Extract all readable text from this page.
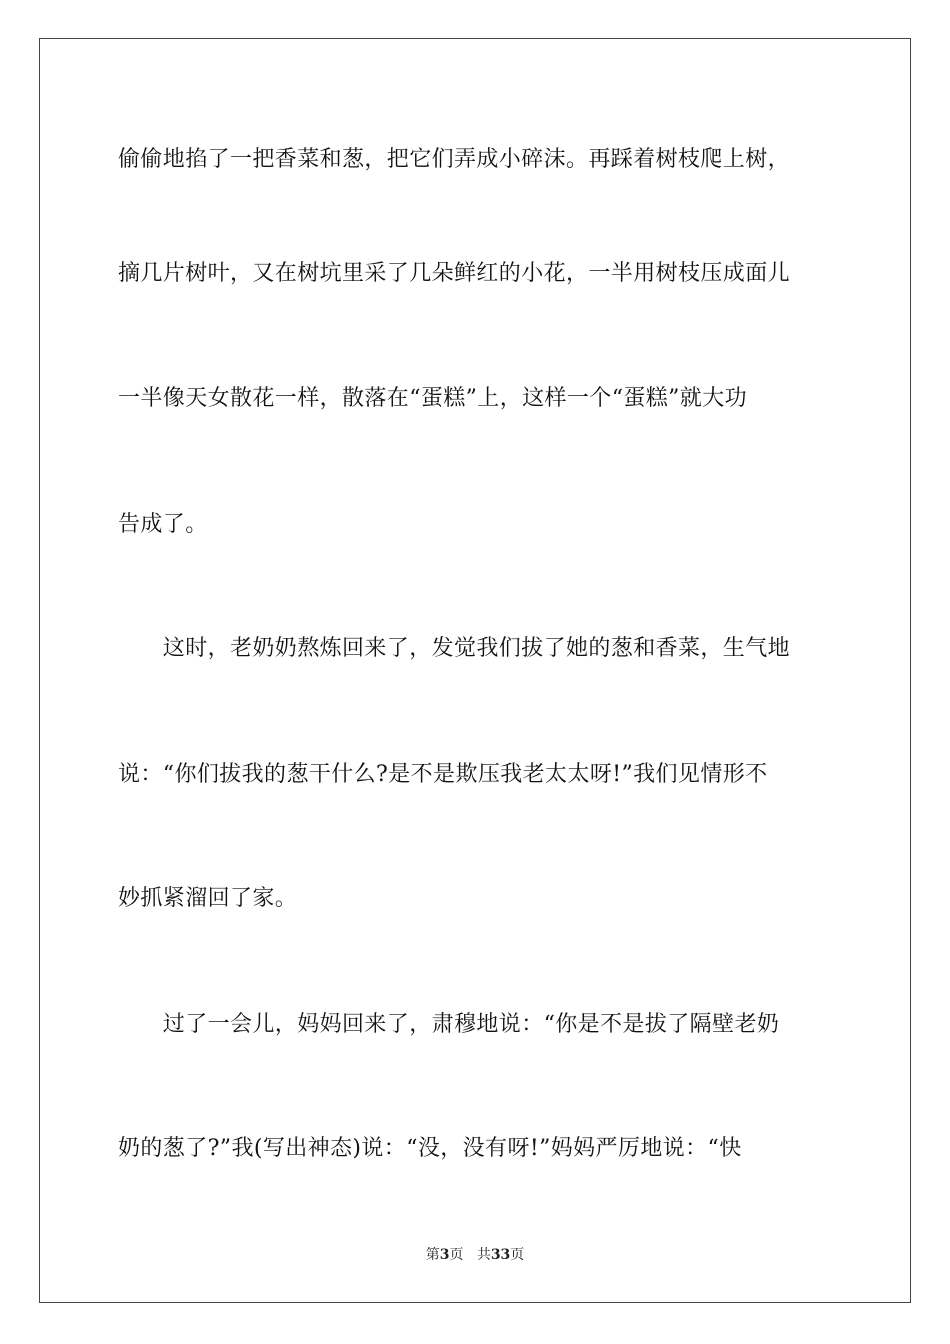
偷偷地掐了一把香菜和葱，把它们弄成小碎沫。再踩着树枝爬上树，
摘几片树叶，又在树坑里采了几朵鲜红的小花，一半用树枝压成面儿
一半像天女散花一样，散落在“蛋糕”上，这样一个“蛋糕”就大功
告成了。
　　这时，老奶奶熬炼回来了，发觉我们拔了她的葱和香菜，生气地
说：“你们拔我的葱干什么?是不是欺压我老太太呀!”我们见情形不
妙抓紧溜回了家。
　　过了一会儿，妈妈回来了，肃穆地说：“你是不是拔了隔壁老奶
奶的葱了?”我(写出神态)说：“没，没有呀!”妈妈严厉地说：“快
第3页 共33页
